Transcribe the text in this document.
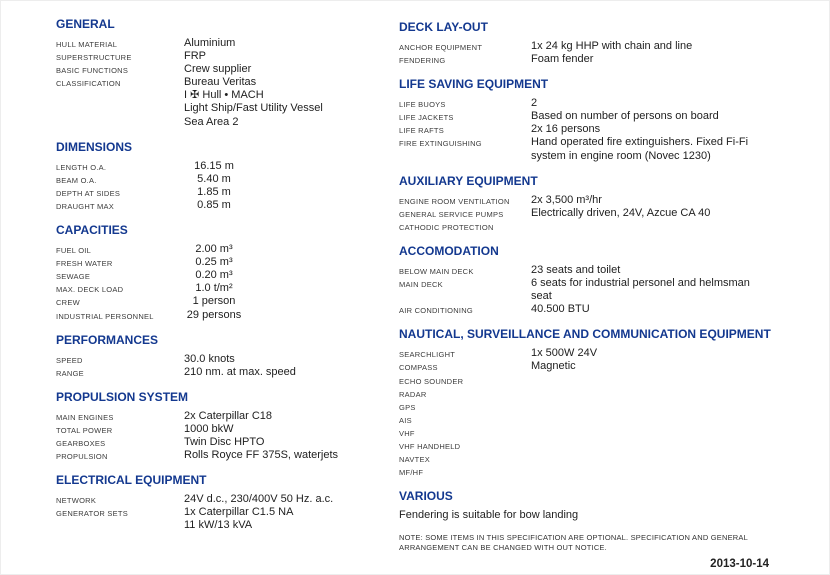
GENERAL
HULL MATERIAL	Aluminium
SUPERSTRUCTURE	FRP
BASIC FUNCTIONS	Crew supplier
CLASSIFICATION	Bureau Veritas
I ✠ Hull • MACH
Light Ship/Fast Utility Vessel
Sea Area 2
DIMENSIONS
LENGTH O.A.	16.15 m
BEAM O.A.	5.40 m
DEPTH AT SIDES	1.85 m
DRAUGHT MAX	0.85 m
CAPACITIES
FUEL OIL	2.00 m³
FRESH WATER	0.25 m³
SEWAGE	0.20 m³
MAX. DECK LOAD	1.0 t/m²
CREW	1 person
INDUSTRIAL PERSONNEL	29 persons
PERFORMANCES
SPEED	30.0 knots
RANGE	210 nm. at max. speed
PROPULSION SYSTEM
MAIN ENGINES	2x Caterpillar C18
TOTAL POWER	1000 bkW
GEARBOXES	Twin Disc HPTO
PROPULSION	Rolls Royce FF 375S, waterjets
ELECTRICAL EQUIPMENT
NETWORK	24V d.c., 230/400V 50 Hz. a.c.
GENERATOR SETS	1x Caterpillar C1.5 NA
11 kW/13 kVA
DECK LAY-OUT
ANCHOR EQUIPMENT	1x 24 kg HHP with chain and line
FENDERING	Foam fender
LIFE SAVING EQUIPMENT
LIFE BUOYS	2
LIFE JACKETS	Based on number of persons on board
LIFE RAFTS	2x 16 persons
FIRE EXTINGUISHING	Hand operated fire extinguishers. Fixed Fi-Fi
system in engine room (Novec 1230)
AUXILIARY EQUIPMENT
ENGINE ROOM VENTILATION	2x 3,500 m³/hr
GENERAL SERVICE PUMPS	Electrically driven, 24V, Azcue CA 40
CATHODIC PROTECTION
ACCOMODATION
BELOW MAIN DECK	23 seats and toilet
MAIN DECK	6 seats for industrial personel and helmsman
seat
AIR CONDITIONING	40.500 BTU
NAUTICAL, SURVEILLANCE AND COMMUNICATION EQUIPMENT
SEARCHLIGHT	1x 500W 24V
COMPASS	Magnetic
ECHO SOUNDER
RADAR
GPS
AIS
VHF
VHF HANDHELD
NAVTEX
MF/HF
VARIOUS
Fendering is suitable for bow landing
NOTE: SOME ITEMS IN THIS SPECIFICATION ARE OPTIONAL. SPECIFICATION AND GENERAL ARRANGEMENT CAN BE CHANGED WITH OUT NOTICE.
2013-10-14
